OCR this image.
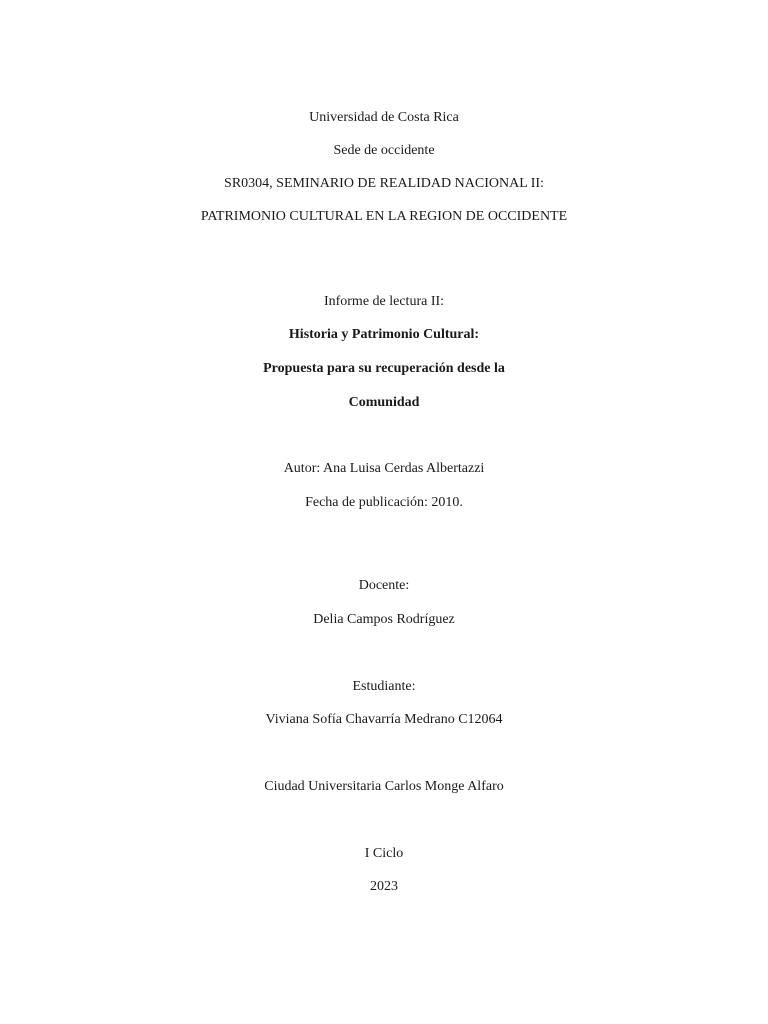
Universidad de Costa Rica
Sede de occidente
SR0304, SEMINARIO DE REALIDAD NACIONAL II:
PATRIMONIO CULTURAL EN LA REGION DE OCCIDENTE
Informe de lectura II:
Historia y Patrimonio Cultural:
Propuesta para su recuperación desde la
Comunidad
Autor: Ana Luisa Cerdas Albertazzi
Fecha de publicación: 2010.
Docente:
Delia Campos Rodríguez
Estudiante:
Viviana Sofía Chavarría Medrano C12064
Ciudad Universitaria Carlos Monge Alfaro
I Ciclo
2023
